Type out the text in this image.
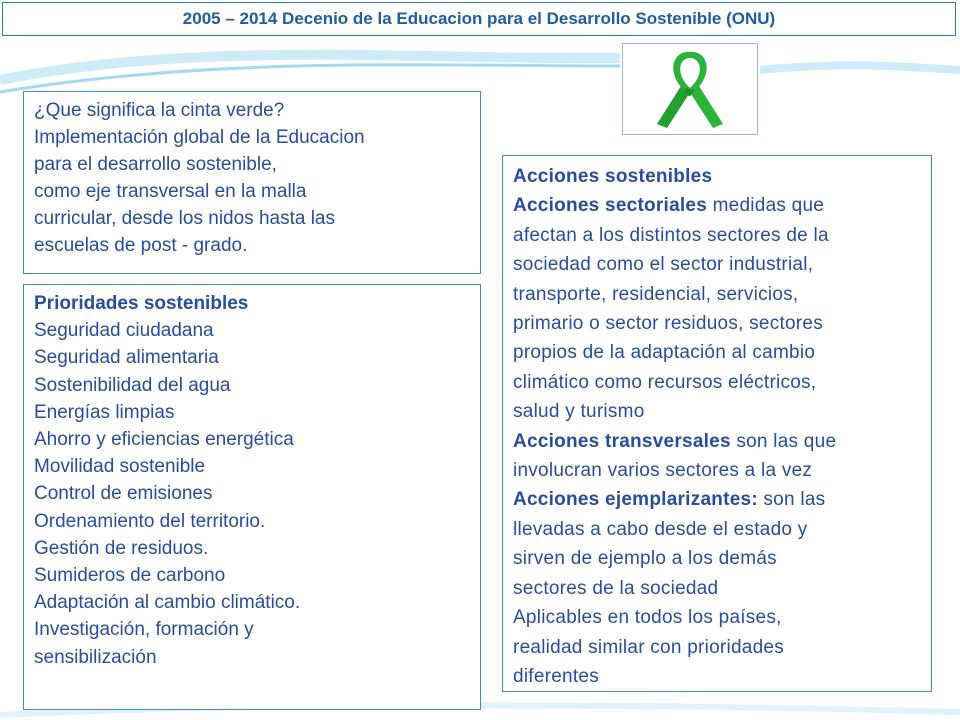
2005 – 2014 Decenio de la Educacion para el Desarrollo Sostenible (ONU)
¿Que significa la cinta verde?
Implementación global de la Educacion
para el desarrollo sostenible,
como eje transversal en la malla
curricular, desde los nidos hasta las
escuelas de post - grado.
Prioridades sostenibles
Seguridad ciudadana
Seguridad alimentaria
Sostenibilidad del agua
Energías limpias
Ahorro y eficiencias energética
Movilidad sostenible
Control de emisiones
Ordenamiento del territorio.
Gestión de residuos.
Sumideros de carbono
Adaptación al cambio climático.
Investigación, formación y
sensibilización
Acciones sostenibles
Acciones sectoriales medidas que
afectan a los distintos sectores de la
sociedad como el sector industrial,
transporte, residencial, servicios,
primario o sector residuos, sectores
propios de la adaptación al cambio
climático como recursos eléctricos,
salud y turismo
Acciones transversales son las que
involucran varios sectores a la vez
Acciones ejemplarizantes: son las
llevadas a cabo desde el estado y
sirven de ejemplo a los demás
sectores de la sociedad
Aplicables en todos los países,
realidad similar con prioridades
diferentes
